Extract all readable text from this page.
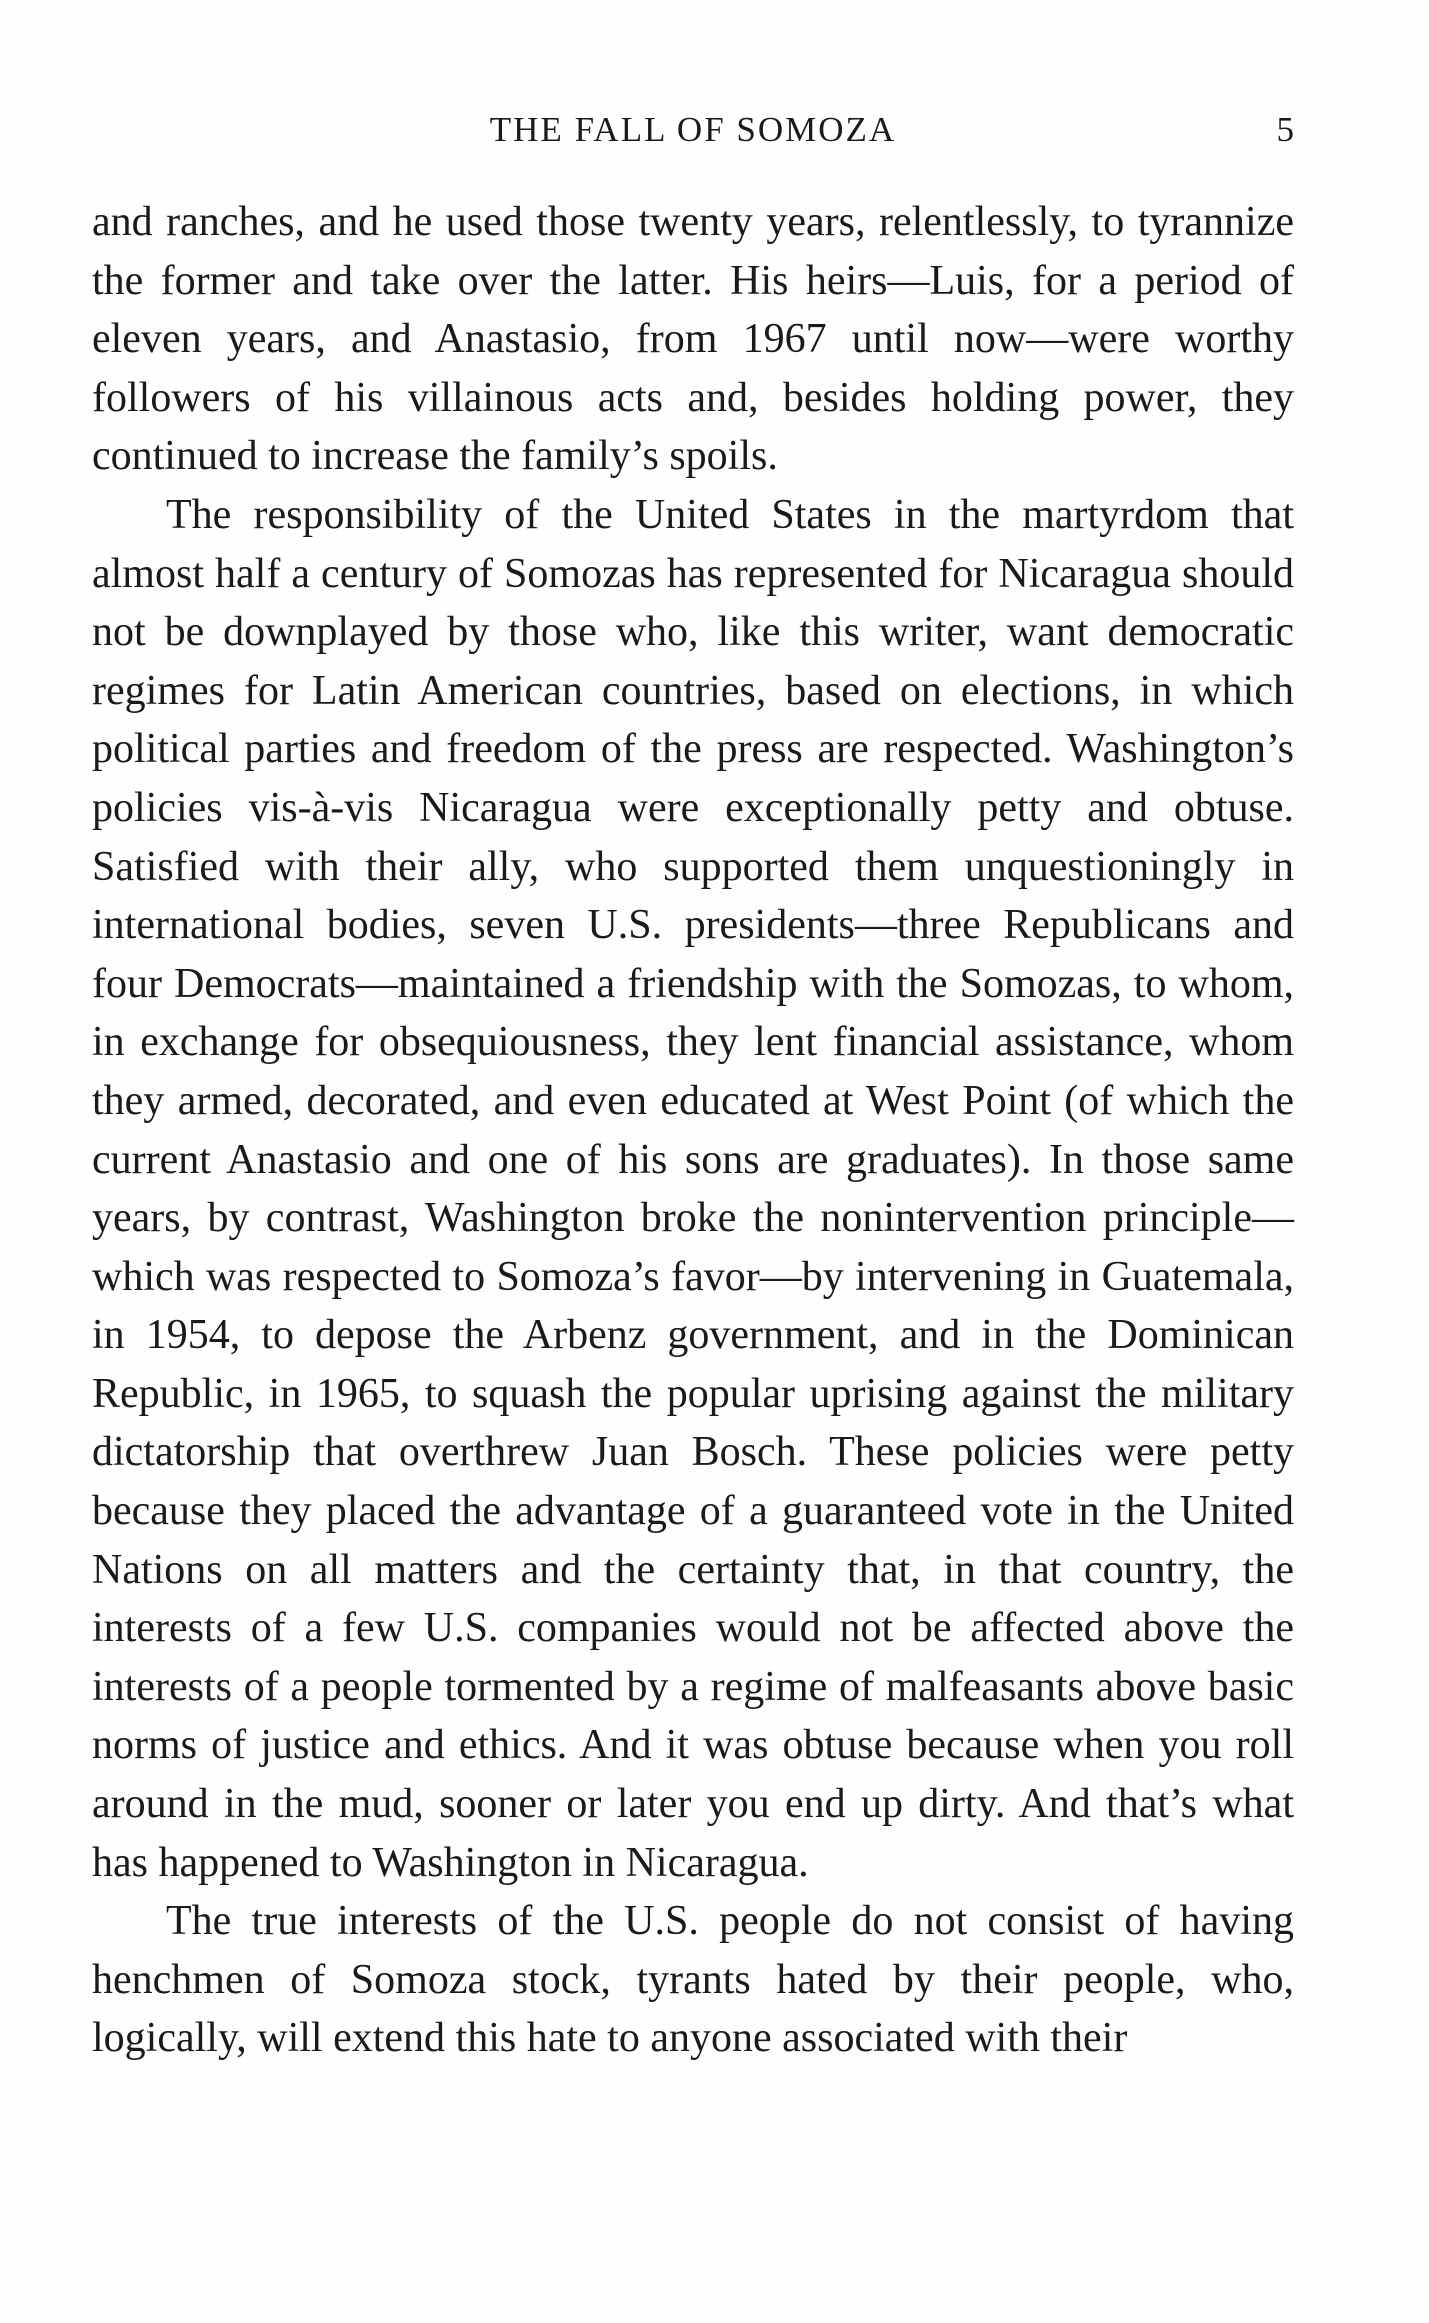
THE FALL OF SOMOZA	5

and ranches, and he used those twenty years, relentlessly, to tyrannize the former and take over the latter. His heirs—Luis, for a period of eleven years, and Anastasio, from 1967 until now—were worthy followers of his villainous acts and, besides holding power, they continued to increase the family’s spoils.

The responsibility of the United States in the martyrdom that almost half a century of Somozas has represented for Nicaragua should not be downplayed by those who, like this writer, want democratic regimes for Latin American countries, based on elections, in which political parties and freedom of the press are respected. Washington’s policies vis-à-vis Nicaragua were exceptionally petty and obtuse. Satisfied with their ally, who supported them unquestioningly in international bodies, seven U.S. presidents—three Republicans and four Democrats—maintained a friendship with the Somozas, to whom, in exchange for obsequiousness, they lent financial assistance, whom they armed, decorated, and even educated at West Point (of which the current Anastasio and one of his sons are graduates). In those same years, by contrast, Washington broke the nonintervention principle—which was respected to Somoza’s favor—by intervening in Guatemala, in 1954, to depose the Arbenz government, and in the Dominican Republic, in 1965, to squash the popular uprising against the military dictatorship that overthrew Juan Bosch. These policies were petty because they placed the advantage of a guaranteed vote in the United Nations on all matters and the certainty that, in that country, the interests of a few U.S. companies would not be affected above the interests of a people tormented by a regime of malfeasants above basic norms of justice and ethics. And it was obtuse because when you roll around in the mud, sooner or later you end up dirty. And that’s what has happened to Washington in Nicaragua.

The true interests of the U.S. people do not consist of having henchmen of Somoza stock, tyrants hated by their people, who, logically, will extend this hate to anyone associated with their
